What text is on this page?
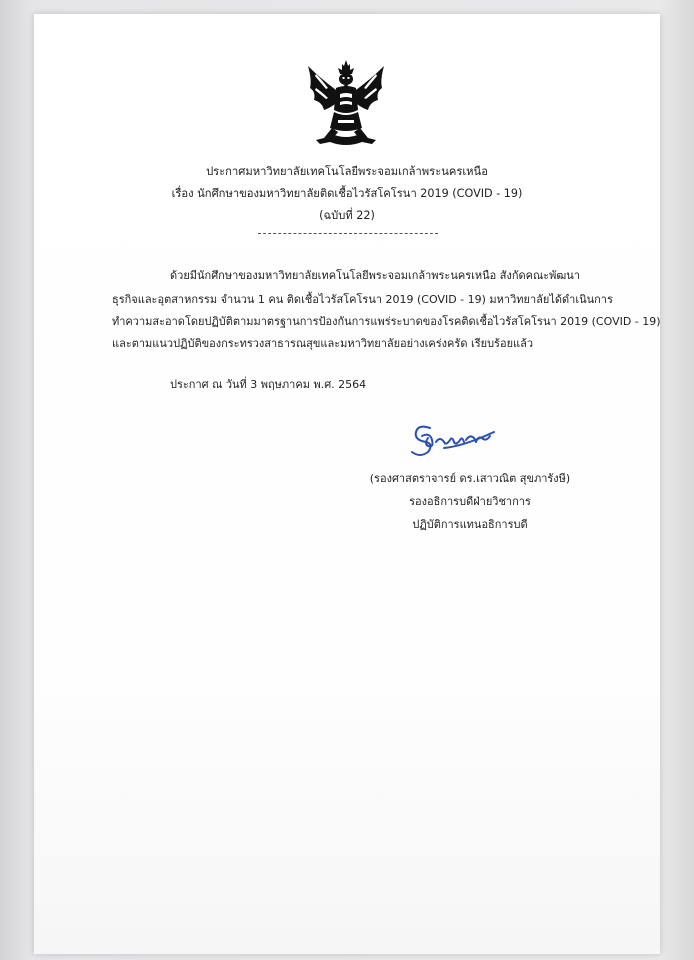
ประกาศมหาวิทยาลัยเทคโนโลยีพระจอมเกล้าพระนครเหนือ
เรื่อง นักศึกษาของมหาวิทยาลัยติดเชื้อไวรัสโคโรนา 2019 (COVID - 19)
(ฉบับที่ 22)
ด้วยมีนักศึกษาของมหาวิทยาลัยเทคโนโลยีพระจอมเกล้าพระนครเหนือ สังกัดคณะพัฒนา
ธุรกิจและอุตสาหกรรม จำนวน 1 คน ติดเชื้อไวรัสโคโรนา 2019 (COVID - 19) มหาวิทยาลัยได้ดำเนินการ
ทำความสะอาดโดยปฏิบัติตามมาตรฐานการป้องกันการแพร่ระบาดของโรคติดเชื้อไวรัสโคโรนา 2019 (COVID - 19)
และตามแนวปฏิบัติของกระทรวงสาธารณสุขและมหาวิทยาลัยอย่างเคร่งครัด เรียบร้อยแล้ว
ประกาศ ณ วันที่ 3 พฤษภาคม พ.ศ. 2564
(รองศาสตราจารย์ ดร.เสาวณิต สุขภารังษี)
รองอธิการบดีฝ่ายวิชาการ
ปฏิบัติการแทนอธิการบดี
